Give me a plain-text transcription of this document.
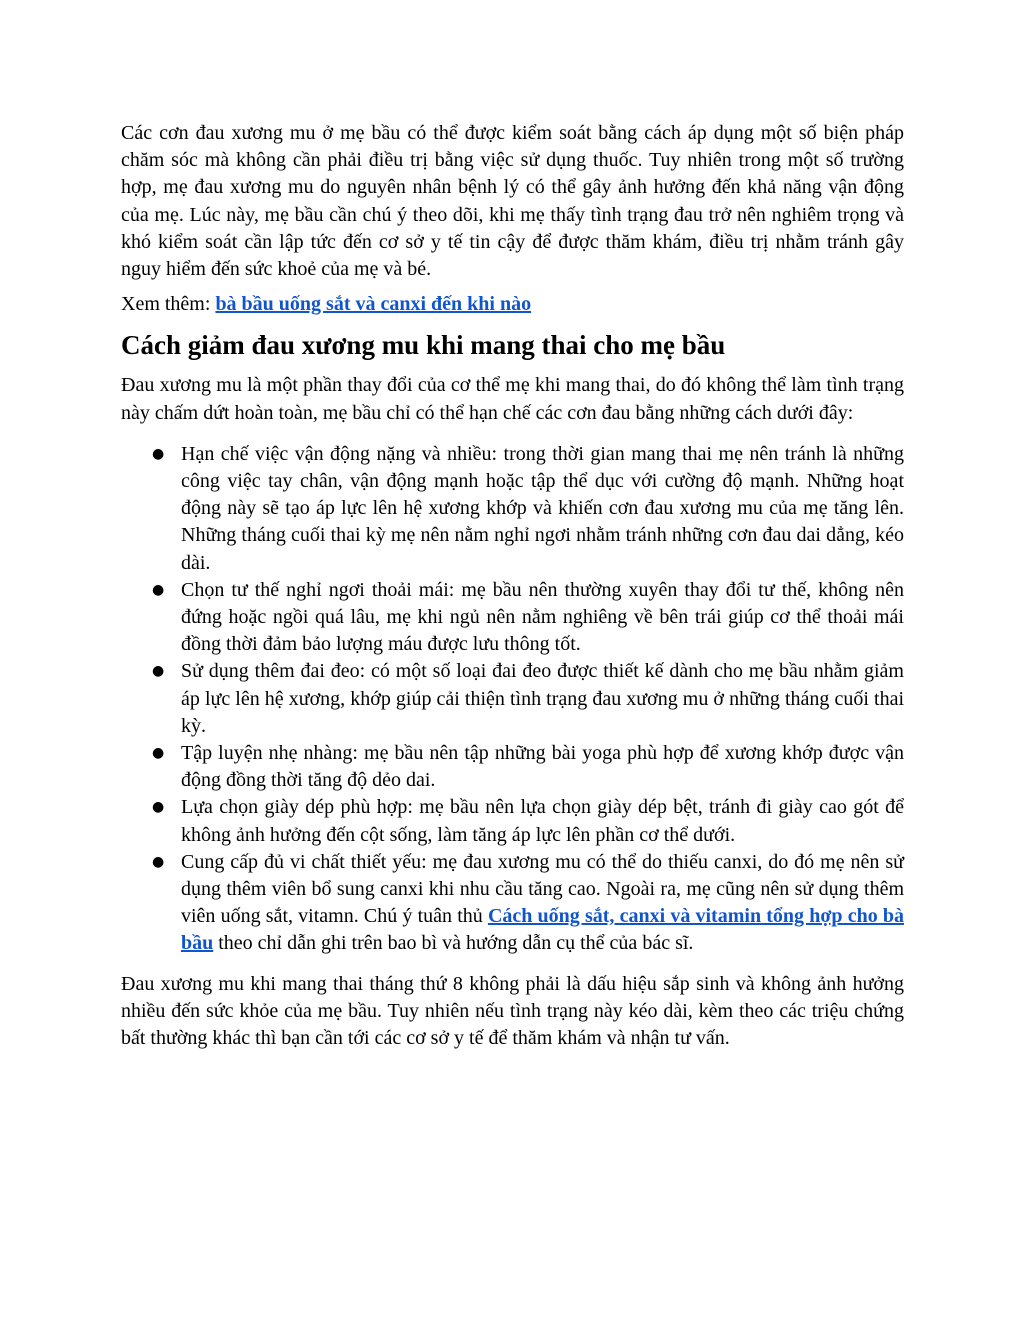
Các cơn đau xương mu ở mẹ bầu có thể được kiểm soát bằng cách áp dụng một số biện pháp chăm sóc mà không cần phải điều trị bằng việc sử dụng thuốc. Tuy nhiên trong một số trường hợp, mẹ đau xương mu do nguyên nhân bệnh lý có thể gây ảnh hưởng đến khả năng vận động của mẹ. Lúc này, mẹ bầu cần chú ý theo dõi, khi mẹ thấy tình trạng đau trở nên nghiêm trọng và khó kiểm soát cần lập tức đến cơ sở y tế tin cậy để được thăm khám, điều trị nhằm tránh gây nguy hiểm đến sức khoẻ của mẹ và bé.

Xem thêm: bà bầu uống sắt và canxi đến khi nào

Cách giảm đau xương mu khi mang thai cho mẹ bầu

Đau xương mu là một phần thay đổi của cơ thể mẹ khi mang thai, do đó không thể làm tình trạng này chấm dứt hoàn toàn, mẹ bầu chỉ có thể hạn chế các cơn đau bằng những cách dưới đây:

● Hạn chế việc vận động nặng và nhiều: trong thời gian mang thai mẹ nên tránh là những công việc tay chân, vận động mạnh hoặc tập thể dục với cường độ mạnh. Những hoạt động này sẽ tạo áp lực lên hệ xương khớp và khiến cơn đau xương mu của mẹ tăng lên. Những tháng cuối thai kỳ mẹ nên nằm nghỉ ngơi nhằm tránh những cơn đau dai dẳng, kéo dài.
● Chọn tư thế nghỉ ngơi thoải mái: mẹ bầu nên thường xuyên thay đổi tư thế, không nên đứng hoặc ngồi quá lâu, mẹ khi ngủ nên nằm nghiêng về bên trái giúp cơ thể thoải mái đồng thời đảm bảo lượng máu được lưu thông tốt.
● Sử dụng thêm đai đeo: có một số loại đai đeo được thiết kế dành cho mẹ bầu nhằm giảm áp lực lên hệ xương, khớp giúp cải thiện tình trạng đau xương mu ở những tháng cuối thai kỳ.
● Tập luyện nhẹ nhàng: mẹ bầu nên tập những bài yoga phù hợp để xương khớp được vận động đồng thời tăng độ dẻo dai.
● Lựa chọn giày dép phù hợp: mẹ bầu nên lựa chọn giày dép bệt, tránh đi giày cao gót để không ảnh hưởng đến cột sống, làm tăng áp lực lên phần cơ thể dưới.
● Cung cấp đủ vi chất thiết yếu: mẹ đau xương mu có thể do thiếu canxi, do đó mẹ nên sử dụng thêm viên bổ sung canxi khi nhu cầu tăng cao. Ngoài ra, mẹ cũng nên sử dụng thêm viên uống sắt, vitamn. Chú ý tuân thủ Cách uống sắt, canxi và vitamin tổng hợp cho bà bầu theo chỉ dẫn ghi trên bao bì và hướng dẫn cụ thể của bác sĩ.

Đau xương mu khi mang thai tháng thứ 8 không phải là dấu hiệu sắp sinh và không ảnh hưởng nhiều đến sức khỏe của mẹ bầu. Tuy nhiên nếu tình trạng này kéo dài, kèm theo các triệu chứng bất thường khác thì bạn cần tới các cơ sở y tế để thăm khám và nhận tư vấn.
